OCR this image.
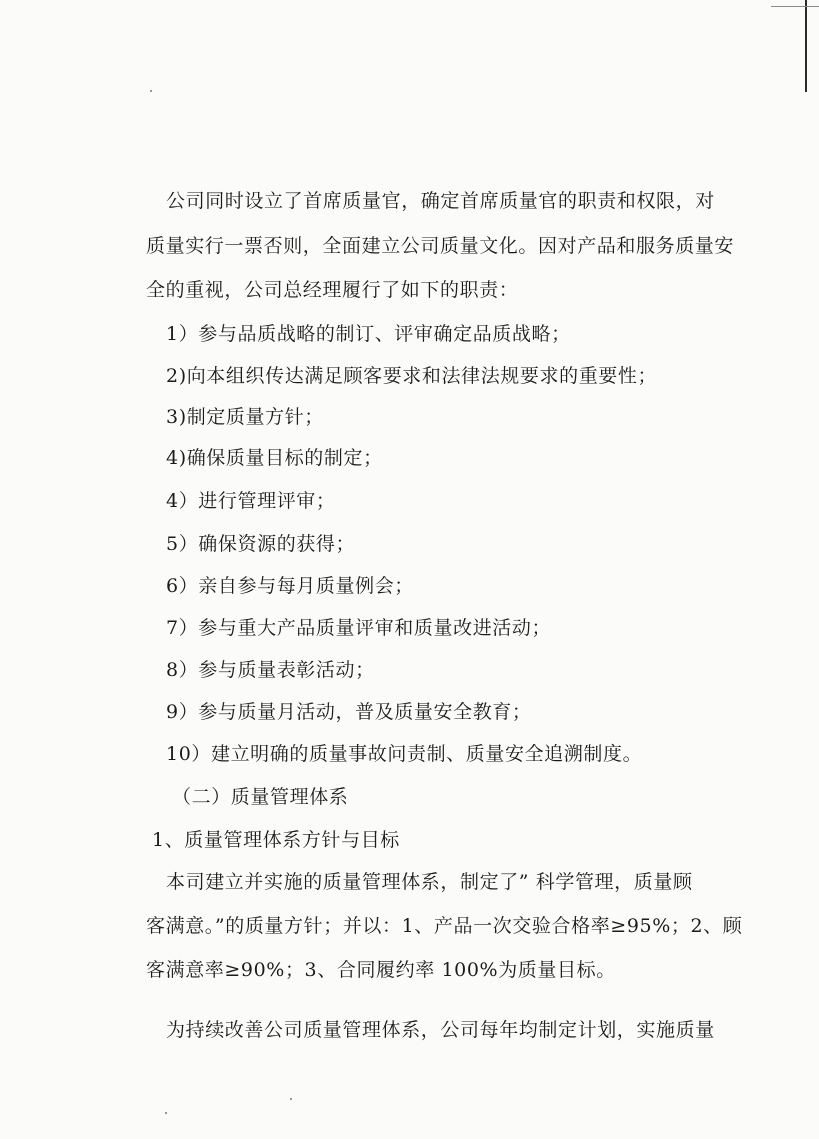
公司同时设立了首席质量官，确定首席质量官的职责和权限，对
质量实行一票否则，全面建立公司质量文化。因对产品和服务质量安
全的重视，公司总经理履行了如下的职责：
1）参与品质战略的制订、评审确定品质战略；
2)向本组织传达满足顾客要求和法律法规要求的重要性；
3)制定质量方针；
4)确保质量目标的制定；
4）进行管理评审；
5）确保资源的获得；
6）亲自参与每月质量例会；
7）参与重大产品质量评审和质量改进活动；
8）参与质量表彰活动；
9）参与质量月活动，普及质量安全教育；
10）建立明确的质量事故问责制、质量安全追溯制度。
（二）质量管理体系
1、质量管理体系方针与目标
本司建立并实施的质量管理体系，制定了” 科学管理，质量顾
客满意。”的质量方针；并以：1、产品一次交验合格率≥95%；2、顾
客满意率≥90%；3、合同履约率 100%为质量目标。
为持续改善公司质量管理体系，公司每年均制定计划，实施质量
